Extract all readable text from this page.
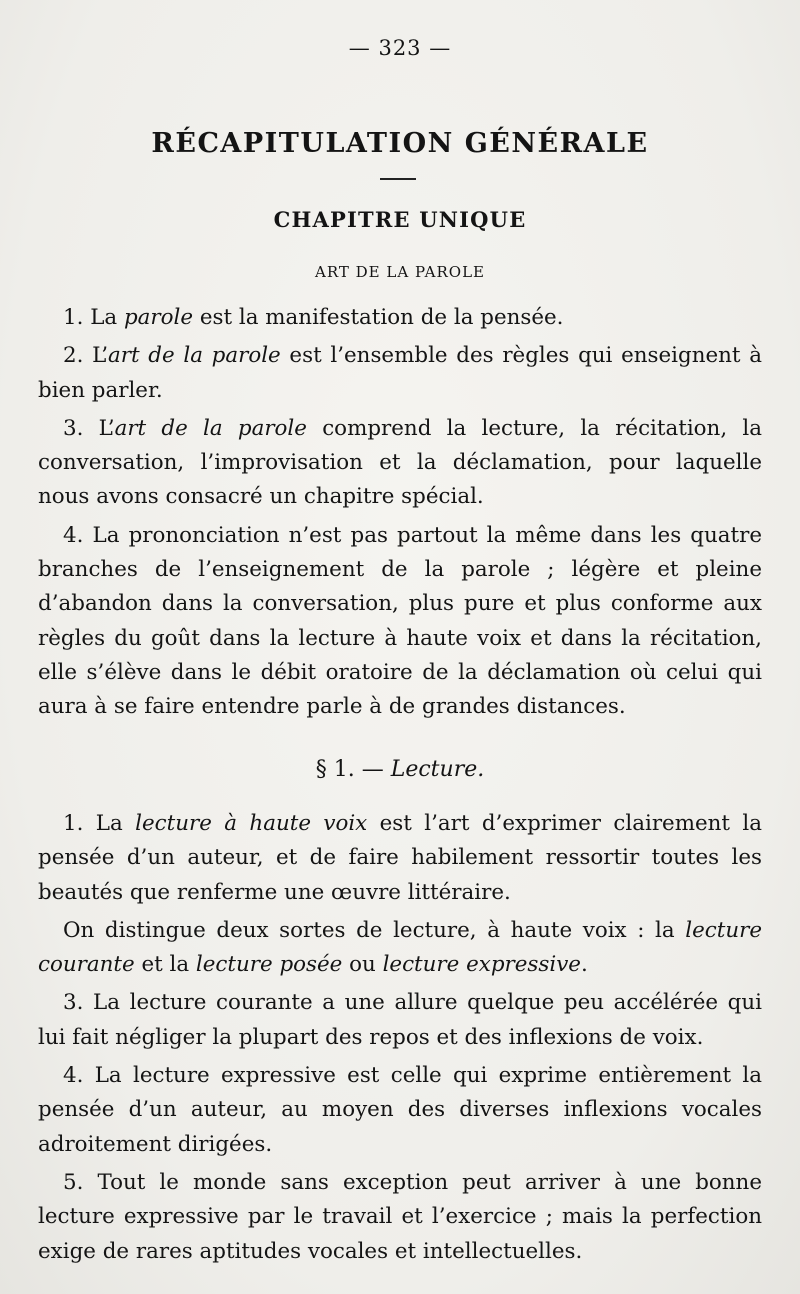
— 323 —
RÉCAPITULATION GÉNÉRALE
CHAPITRE UNIQUE
ART DE LA PAROLE

1. La parole est la manifestation de la pensée.

2. L’art de la parole est l’ensemble des règles qui enseignent à bien parler.

3. L’art de la parole comprend la lecture, la récitation, la conversation, l’improvisation et la déclamation, pour laquelle nous avons consacré un chapitre spécial.

4. La prononciation n’est pas partout la même dans les quatre branches de l’enseignement de la parole ; légère et pleine d’abandon dans la conversation, plus pure et plus conforme aux règles du goût dans la lecture à haute voix et dans la récitation, elle s’élève dans le débit oratoire de la déclamation où celui qui aura à se faire entendre parle à de grandes distances.

§ 1. — Lecture.

1. La lecture à haute voix est l’art d’exprimer clairement la pensée d’un auteur, et de faire habilement ressortir toutes les beautés que renferme une œuvre littéraire.

On distingue deux sortes de lecture, à haute voix : la lecture courante et la lecture posée ou lecture expressive.

3. La lecture courante a une allure quelque peu accélérée qui lui fait négliger la plupart des repos et des inflexions de voix.

4. La lecture expressive est celle qui exprime entièrement la pensée d’un auteur, au moyen des diverses inflexions vocales adroitement dirigées.

5. Tout le monde sans exception peut arriver à une bonne lecture expressive par le travail et l’exercice ; mais la perfection exige de rares aptitudes vocales et intellectuelles.
